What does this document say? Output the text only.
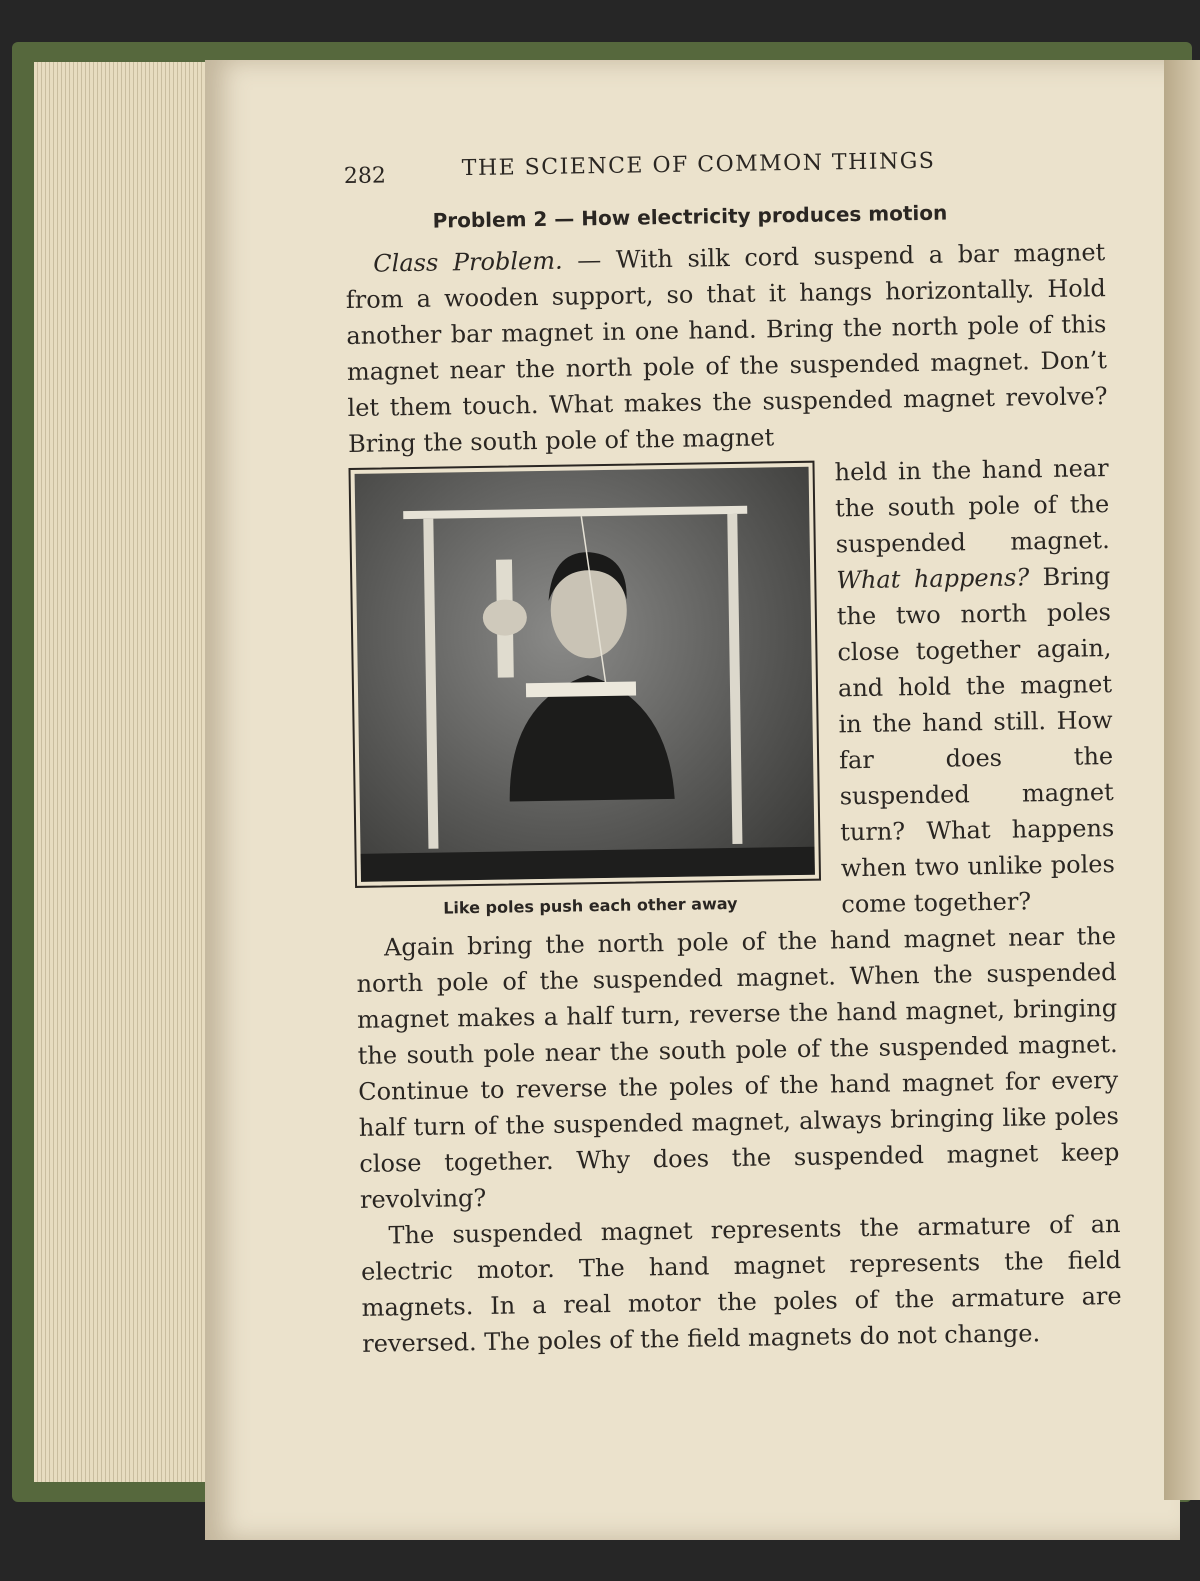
282	THE SCIENCE OF COMMON THINGS
Problem 2 — How electricity produces motion

Class Problem. — With silk cord suspend a bar magnet from a wooden support, so that it hangs horizontally. Hold another bar magnet in one hand. Bring the north pole of this magnet near the north pole of the suspended magnet. Don’t let them touch. What makes the suspended magnet revolve? Bring the south pole of the magnet

Like poles push each other away
held in the hand near the south pole of the suspended magnet. What happens? Bring the two north poles close together again, and hold the magnet in the hand still. How far does the suspended magnet turn? What happens when two unlike poles come together?

Again bring the north pole of the hand magnet near the north pole of the suspended magnet. When the suspended magnet makes a half turn, reverse the hand magnet, bringing the south pole near the south pole of the suspended magnet. Continue to reverse the poles of the hand magnet for every half turn of the suspended magnet, always bringing like poles close together. Why does the suspended magnet keep revolving?

The suspended magnet represents the armature of an electric motor. The hand magnet represents the field magnets. In a real motor the poles of the armature are reversed. The poles of the field magnets do not change.
